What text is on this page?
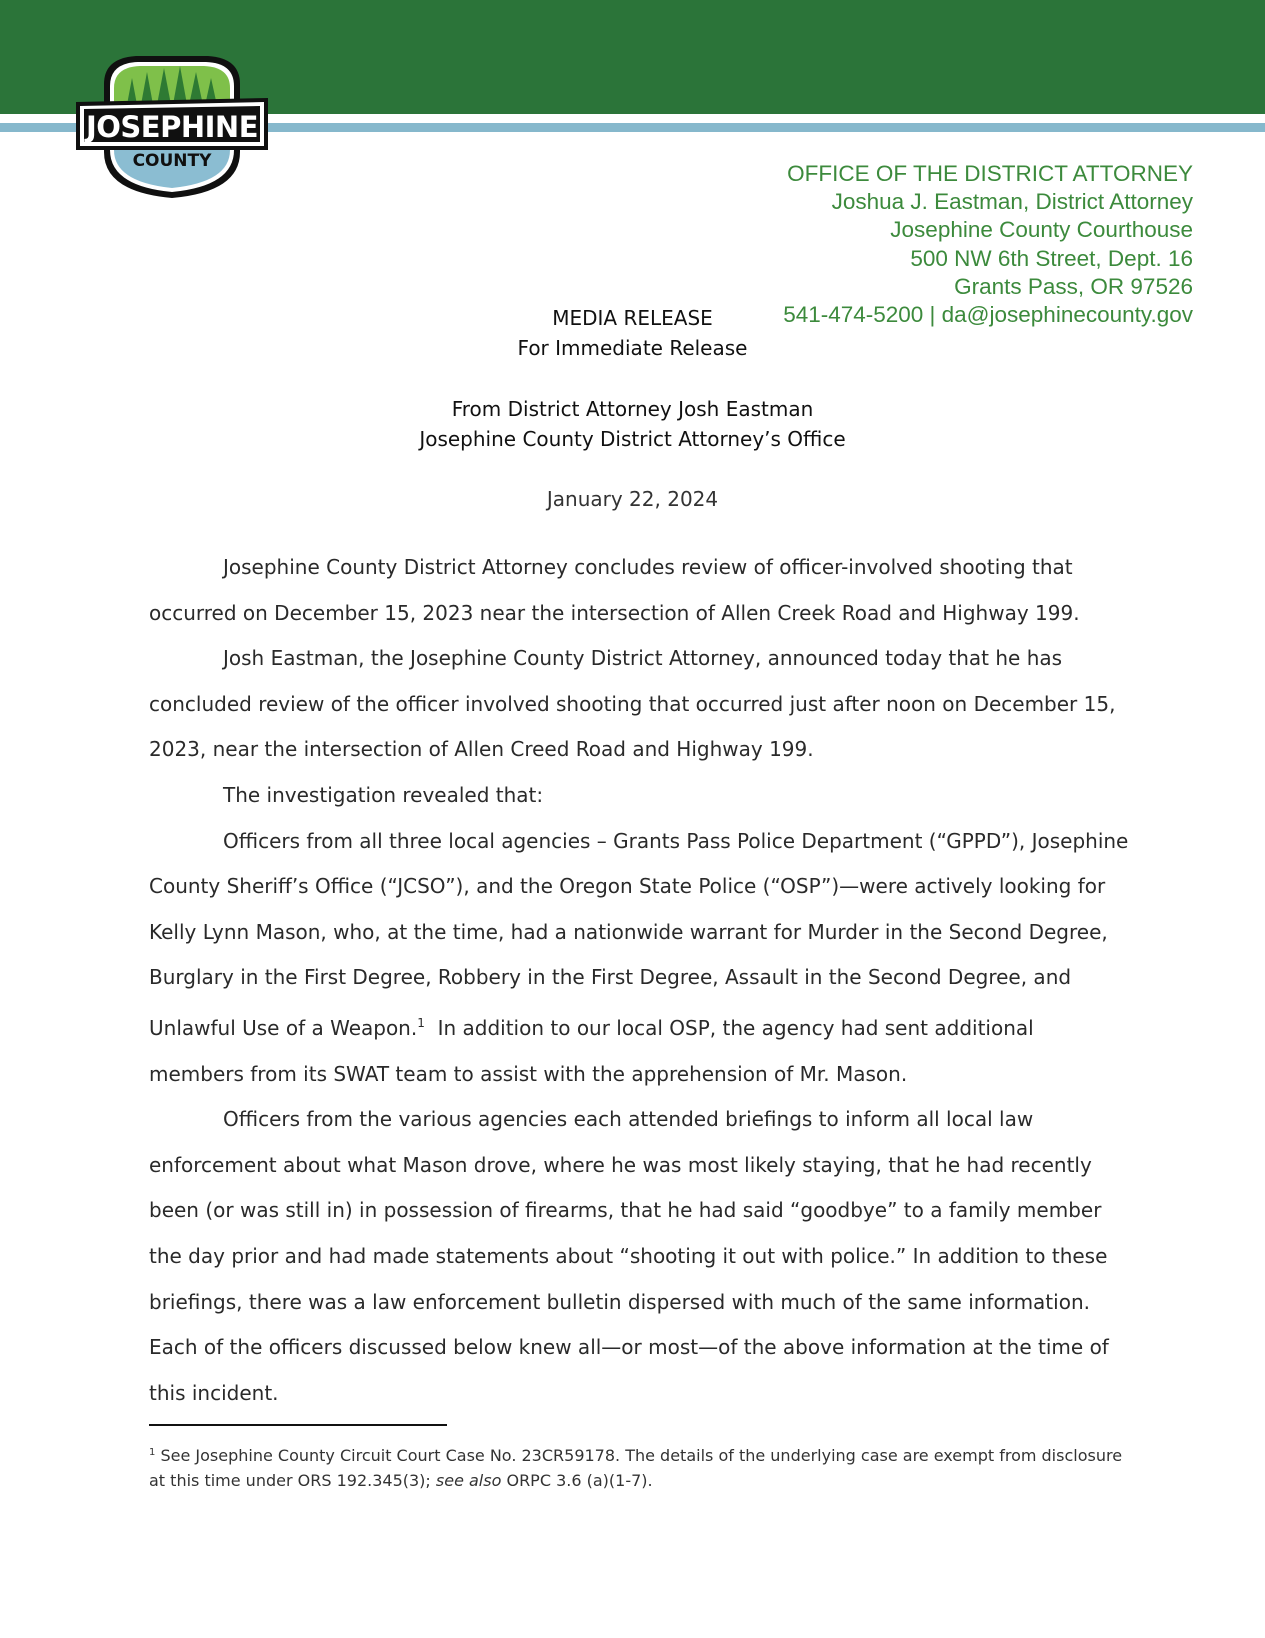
JOSEPHINE
COUNTY	OFFICE OF THE DISTRICT ATTORNEY
Joshua J. Eastman, District Attorney
Josephine County Courthouse
500 NW 6th Street, Dept. 16
Grants Pass, OR 97526
541-474-5200 | da@josephinecounty.gov
MEDIA RELEASE
For Immediate Release
From District Attorney Josh Eastman
Josephine County District Attorney’s Office
January 22, 2024

Josephine County District Attorney concludes review of officer-involved shooting that occurred on December 15, 2023 near the intersection of Allen Creek Road and Highway 199.

Josh Eastman, the Josephine County District Attorney, announced today that he has concluded review of the officer involved shooting that occurred just after noon on December 15, 2023, near the intersection of Allen Creed Road and Highway 199.

The investigation revealed that:

Officers from all three local agencies – Grants Pass Police Department (“GPPD”), Josephine County Sheriff’s Office (“JCSO”), and the Oregon State Police (“OSP”)—were actively looking for Kelly Lynn Mason, who, at the time, had a nationwide warrant for Murder in the Second Degree, Burglary in the First Degree, Robbery in the First Degree, Assault in the Second Degree, and Unlawful Use of a Weapon.$^1$ In addition to our local OSP, the agency had sent additional members from its SWAT team to assist with the apprehension of Mr. Mason.

Officers from the various agencies each attended briefings to inform all local law enforcement about what Mason drove, where he was most likely staying, that he had recently been (or was still in) in possession of firearms, that he had said “goodbye” to a family member the day prior and had made statements about “shooting it out with police.” In addition to these briefings, there was a law enforcement bulletin dispersed with much of the same information. Each of the officers discussed below knew all—or most—of the above information at the time of this incident.

$^1$ See Josephine County Circuit Court Case No. 23CR59178. The details of the underlying case are exempt from disclosure at this time under ORS 192.345(3); see also ORPC 3.6 (a)(1-7).
